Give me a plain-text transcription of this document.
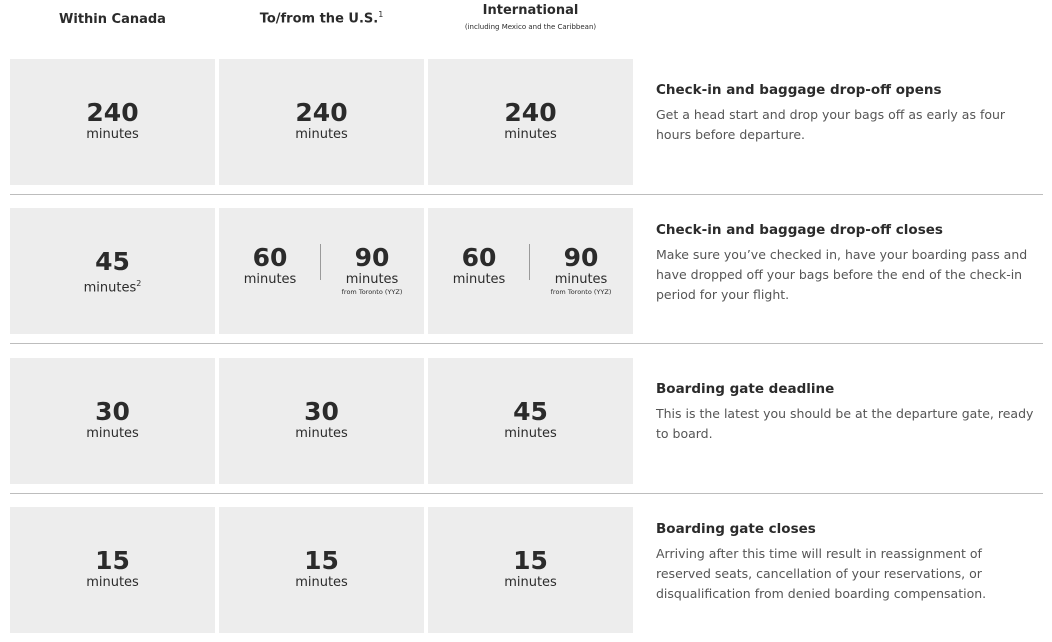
Within Canada	To/from the U.S.$^1$	International
(including Mexico and the Caribbean)
240
minutes
240
minutes
240
minutes
Check-in and baggage drop-off opens
Get a head start and drop your bags off as early as four hours before departure.
45
minutes$^2$
60
minutes
90
minutes
from Toronto (YYZ)
60
minutes
90
minutes
from Toronto (YYZ)
Check-in and baggage drop-off closes
Make sure you’ve checked in, have your boarding pass and have dropped off your bags before the end of the check-in period for your flight.
30
minutes
30
minutes
45
minutes
Boarding gate deadline
This is the latest you should be at the departure gate, ready to board.
15
minutes
15
minutes
15
minutes
Boarding gate closes
Arriving after this time will result in reassignment of reserved seats, cancellation of your reservations, or disqualification from denied boarding compensation.
